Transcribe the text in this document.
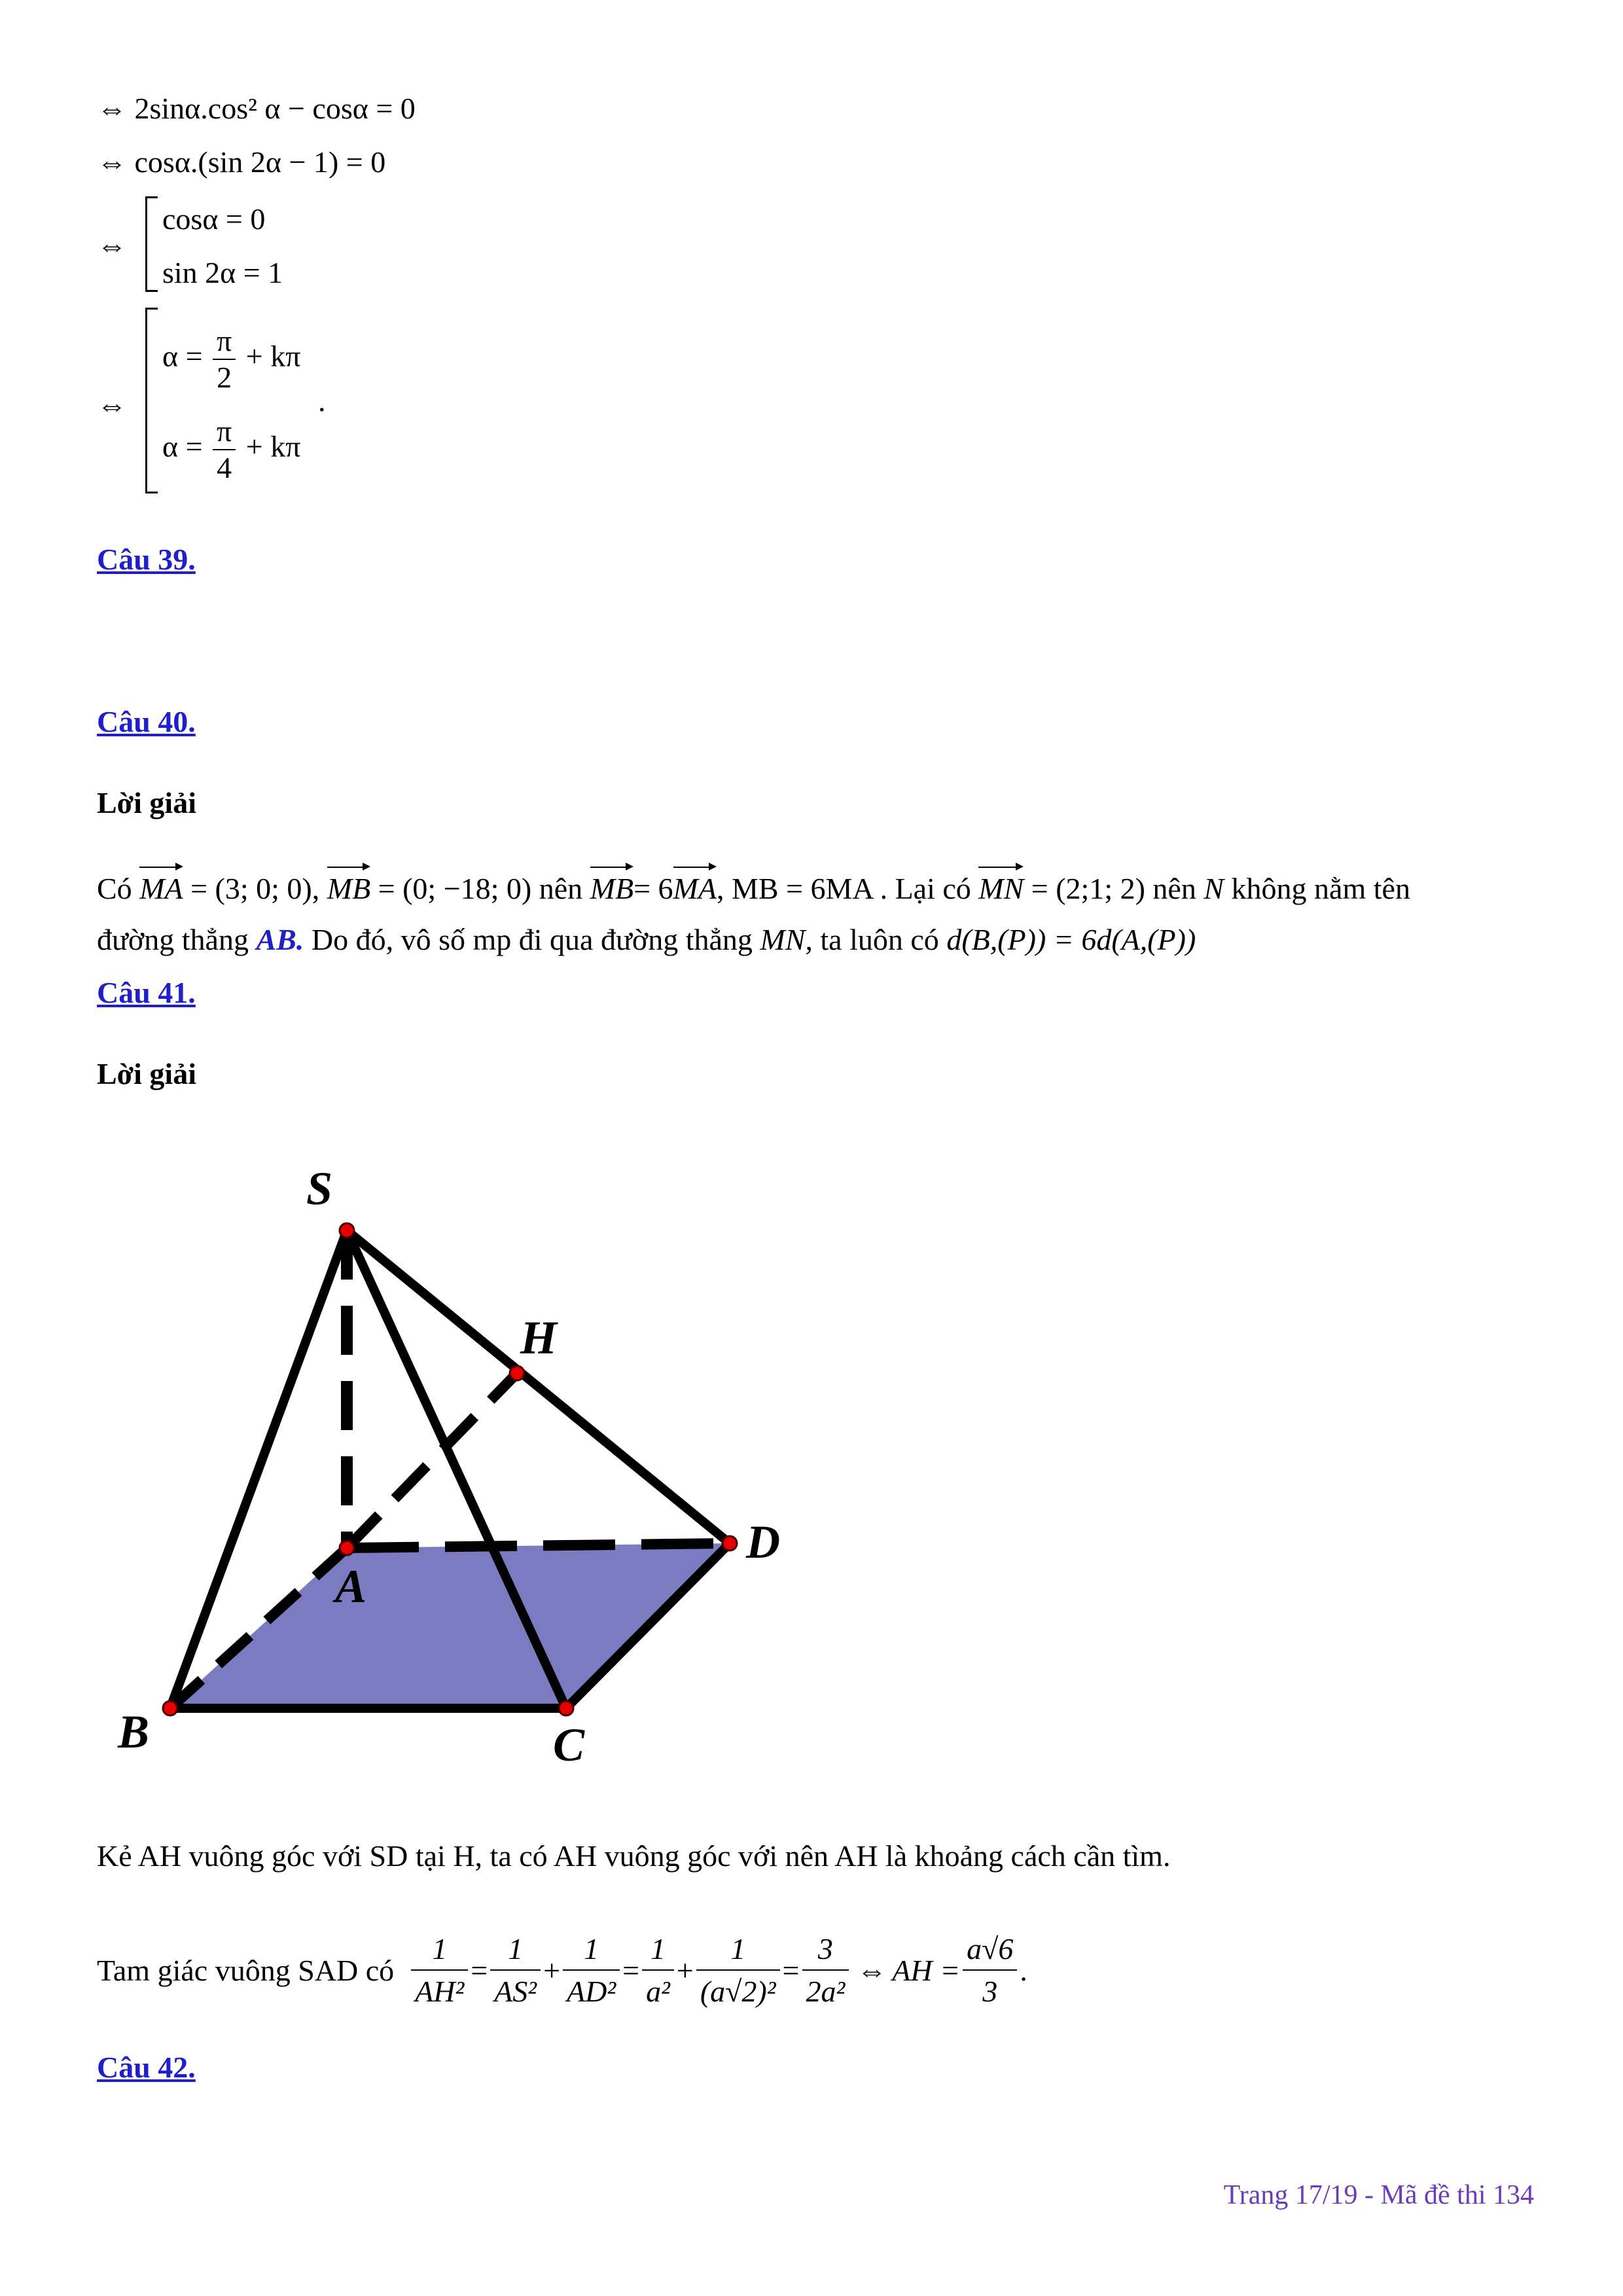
⇔ 2sinα.cos² α − cosα = 0
⇔ cosα.(sin 2α − 1) = 0
⇔
cosα = 0
sin 2α = 1
⇔
$\alpha = \frac{\pi}{2} + k\pi$
$\alpha = \frac{\pi}{4} + k\pi$
.
Câu 39.
Câu 40.
Lời giải
Có MA = (3; 0; 0), MB = (0; −18; 0) nên MB= 6MA, MB = 6MA . Lại có MN = (2;1; 2) nên N không nằm tên
đường thẳng AB. Do đó, vô số mp đi qua đường thẳng MN, ta luôn có d(B,(P)) = 6d(A,(P))
Câu 41.
Lời giải
S
H
A
D
B	C
Kẻ AH vuông góc với SD tại H, ta có AH vuông góc với nên AH là khoảng cách cần tìm.
Tam giác vuông SAD có $\frac{1}{\text{AH²}} = \frac{1}{\text{AS²}} + \frac{1}{\text{AD²}} = \frac{1}{\text{a²}} + \frac{1}{\text{(a√2)²}} = \frac{3}{\text{2a²}}$ ⇔ AH = $\frac{a√6}{3}$ .
Câu 42.
Trang 17/19 - Mã đề thi 134
